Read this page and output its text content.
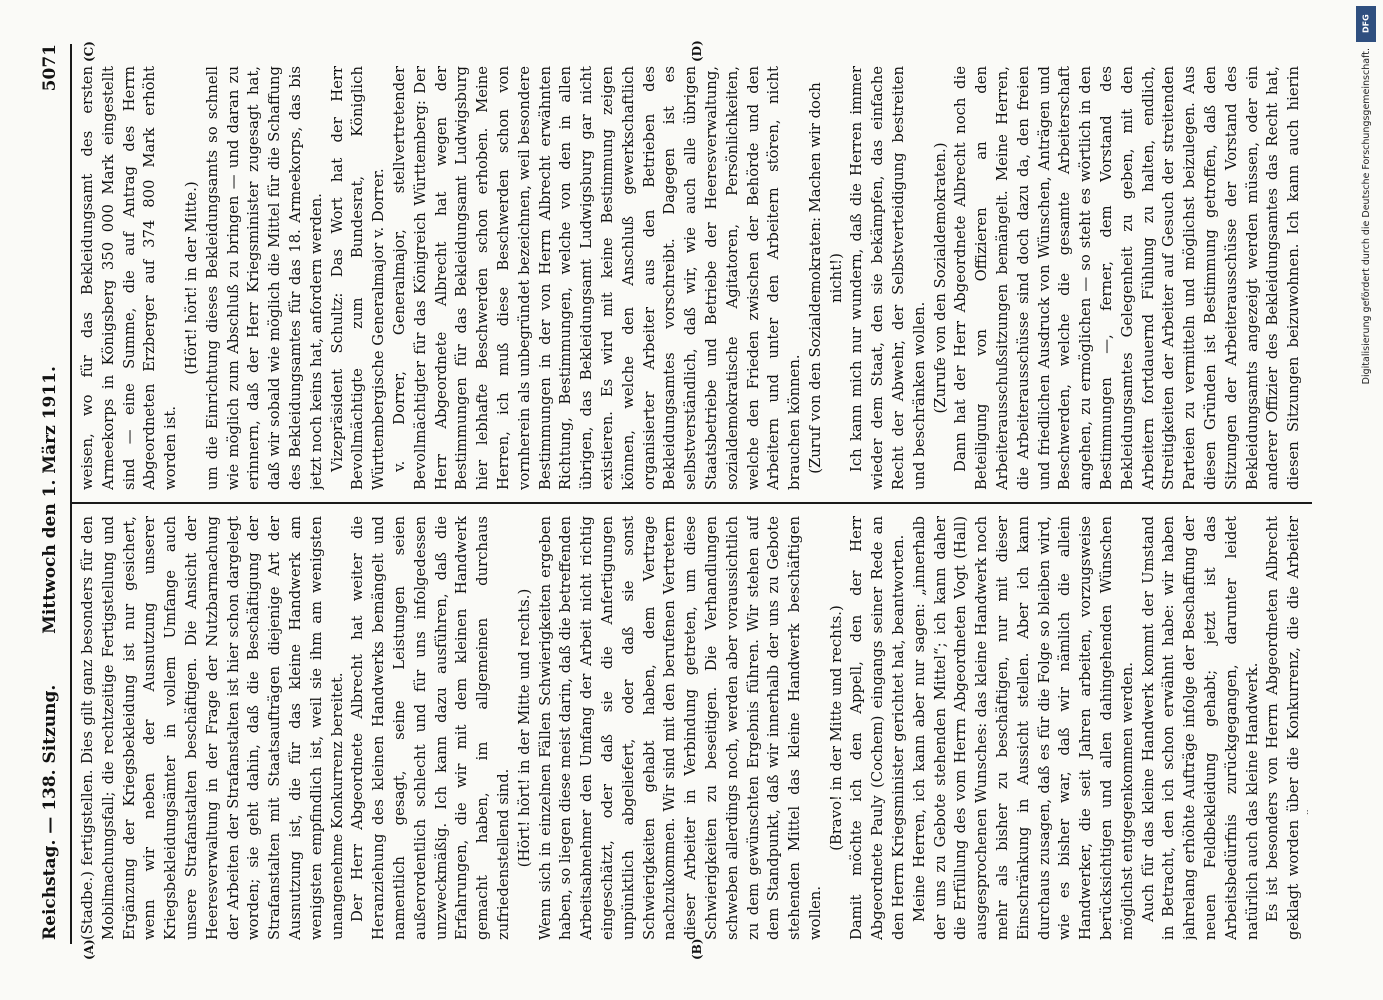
Reichstag. — 138. Sitzung.
Mittwoch den 1. März 1911.
5071
(A)	(B)
(C)	(D)

(Stadbe.) fertigstellen. Dies gilt ganz besonders für den Mobilmachungsfall; die rechtzeitige Fertigstellung und Ergänzung der Kriegsbekleidung ist nur gesichert, wenn wir neben der Ausnutzung unserer Kriegsbekleidungsämter in vollem Umfange auch unsere Strafanstalten beschäftigen. Die Ansicht der Heeresverwaltung in der Frage der Nutzbarmachung der Arbeiten der Strafanstalten ist hier schon dargelegt worden; sie geht dahin, daß die Beschäftigung der Strafanstalten mit Staatsaufträgen diejenige Art der Ausnutzung ist, die für das kleine Handwerk am wenigsten empfindlich ist, weil sie ihm am wenigsten unangenehme Konkurrenz bereitet. Der Herr Abgeordnete Albrecht hat weiter die Heranziehung des kleinen Handwerks bemängelt und namentlich gesagt, seine Leistungen seien außerordentlich schlecht und für uns infolgedessen unzweckmäßig. Ich kann dazu ausführen, daß die Erfahrungen, die wir mit dem kleinen Handwerk gemacht haben, im allgemeinen durchaus zufriedenstellend sind. (Hört! hört! in der Mitte und rechts.) Wenn sich in einzelnen Fällen Schwierigkeiten ergeben haben, so liegen diese meist darin, daß die betreffenden Arbeitsabnehmer den Umfang der Arbeit nicht richtig eingeschätzt, oder daß sie die Anfertigungen unpünktlich abgeliefert, oder daß sie sonst Schwierigkeiten gehabt haben, dem Vertrage nachzukommen. Wir sind mit den berufenen Vertretern dieser Arbeiter in Verbindung getreten, um diese Schwierigkeiten zu beseitigen. Die Verhandlungen schweben allerdings noch, werden aber voraussichtlich zu dem gewünschten Ergebnis führen. Wir stehen auf dem Standpunkt, daß wir innerhalb der uns zu Gebote stehenden Mittel das kleine Handwerk beschäftigen wollen.

(Bravo! in der Mitte und rechts.) Damit möchte ich den Appell, den der Herr Abgeordnete Pauly (Cochem) eingangs seiner Rede an den Herrn Kriegsminister gerichtet hat, beantworten. Meine Herren, ich kann aber nur sagen: „innerhalb der uns zu Gebote stehenden Mittel“; ich kann daher die Erfüllung des vom Herrn Abgeordneten Vogt (Hall) ausgesprochenen Wunsches: das kleine Handwerk noch mehr als bisher zu beschäftigen, nur mit dieser Einschränkung in Aussicht stellen. Aber ich kann durchaus zusagen, daß es für die Folge so bleiben wird, wie es bisher war, daß wir nämlich die allein Handwerker, die seit Jahren arbeiten, vorzugsweise berücksichtigen und allen dahingehenden Wünschen möglichst entgegenkommen werden. Auch für das kleine Handwerk kommt der Umstand in Betracht, den ich schon erwähnt habe: wir haben jahrelang erhöhte Aufträge infolge der Beschaffung der neuen Feldbekleidung gehabt; jetzt ist das Arbeitsbedürfnis zurückgegangen, darunter leidet natürlich auch das kleine Handwerk. Es ist besonders von Herrn Abgeordneten Albrecht geklagt worden über die Konkurrenz, die die Arbeiter

weisen, wo für das Bekleidungsamt des ersten Armeekorps in Königsberg 350 000 Mark eingestellt sind — eine Summe, die auf Antrag des Herrn Abgeordneten Erzberger auf 374 800 Mark erhöht worden ist.

(Hört! hört! in der Mitte.) um die Einrichtung dieses Bekleidungsamts so schnell wie möglich zum Abschluß zu bringen — und daran zu erinnern, daß der Herr Kriegsminister zugesagt hat, daß wir sobald wie möglich die Mittel für die Schaffung des Bekleidungsamtes für das 18. Armeekorps, das bis jetzt noch keins hat, anfordern werden. Vizepräsident Schultz: Das Wort hat der Herr Bevollmächtigte zum Bundesrat, Königlich Württembergische Generalmajor v. Dorrer. v. Dorrer, Generalmajor, stellvertretender Bevollmächtigter für das Königreich Württemberg: Der Herr Abgeordnete Albrecht hat wegen der Bestimmungen für das Bekleidungsamt Ludwigsburg hier lebhafte Beschwerden schon erhoben. Meine Herren, ich muß diese Beschwerden schon von vornherein als unbegründet bezeichnen, weil besondere Bestimmungen in der von Herrn Albrecht erwähnten Richtung, Bestimmungen, welche von den in allen übrigen, das Bekleidungsamt Ludwigsburg gar nicht existieren. Es wird mit keine Bestimmung zeigen können, welche den Anschluß gewerkschaftlich organisierter Arbeiter aus den Betrieben des Bekleidungsamtes vorschreibt. Dagegen ist es selbstverständlich, daß wir, wie auch alle übrigen Staatsbetriebe und Betriebe der Heeresverwaltung, sozialdemokratische Agitatoren, Persönlichkeiten, welche den Frieden zwischen der Behörde und den Arbeitern und unter den Arbeitern stören, nicht brauchen können. (Zuruf von den Sozialdemokraten: Machen wir doch nicht!) Ich kann mich nur wundern, daß die Herren immer wieder dem Staat, den sie bekämpfen, das einfache Recht der Abwehr, der Selbstverteidigung bestreiten und beschränken wollen. (Zurufe von den Sozialdemokraten.)

Dann hat der Herr Abgeordnete Albrecht noch die Beteiligung von Offizieren an den Arbeiterausschußsitzungen bemängelt. Meine Herren, die Arbeiterausschüsse sind doch dazu da, den freien und friedlichen Ausdruck von Wünschen, Anträgen und Beschwerden, welche die gesamte Arbeiterschaft angehen, zu ermöglichen — so steht es wörtlich in den Bestimmungen —, ferner, dem Vorstand des Bekleidungsamtes Gelegenheit zu geben, mit den Arbeitern fortdauernd Fühlung zu halten, endlich, Streitigkeiten der Arbeiter auf Gesuch der streitenden Parteien zu vermitteln und möglichst beizulegen. Aus diesen Gründen ist Bestimmung getroffen, daß den Sitzungen der Arbeiterausschüsse der Vorstand des Bekleidungsamts angezeigt werden müssen, oder ein anderer Offizier des Bekleidungsamtes das Recht hat, diesen Sitzungen beizuwohnen. Ich kann auch hierin

DFG
Digitalisierung gefördert durch die Deutsche Forschungsgemeinschaft.
